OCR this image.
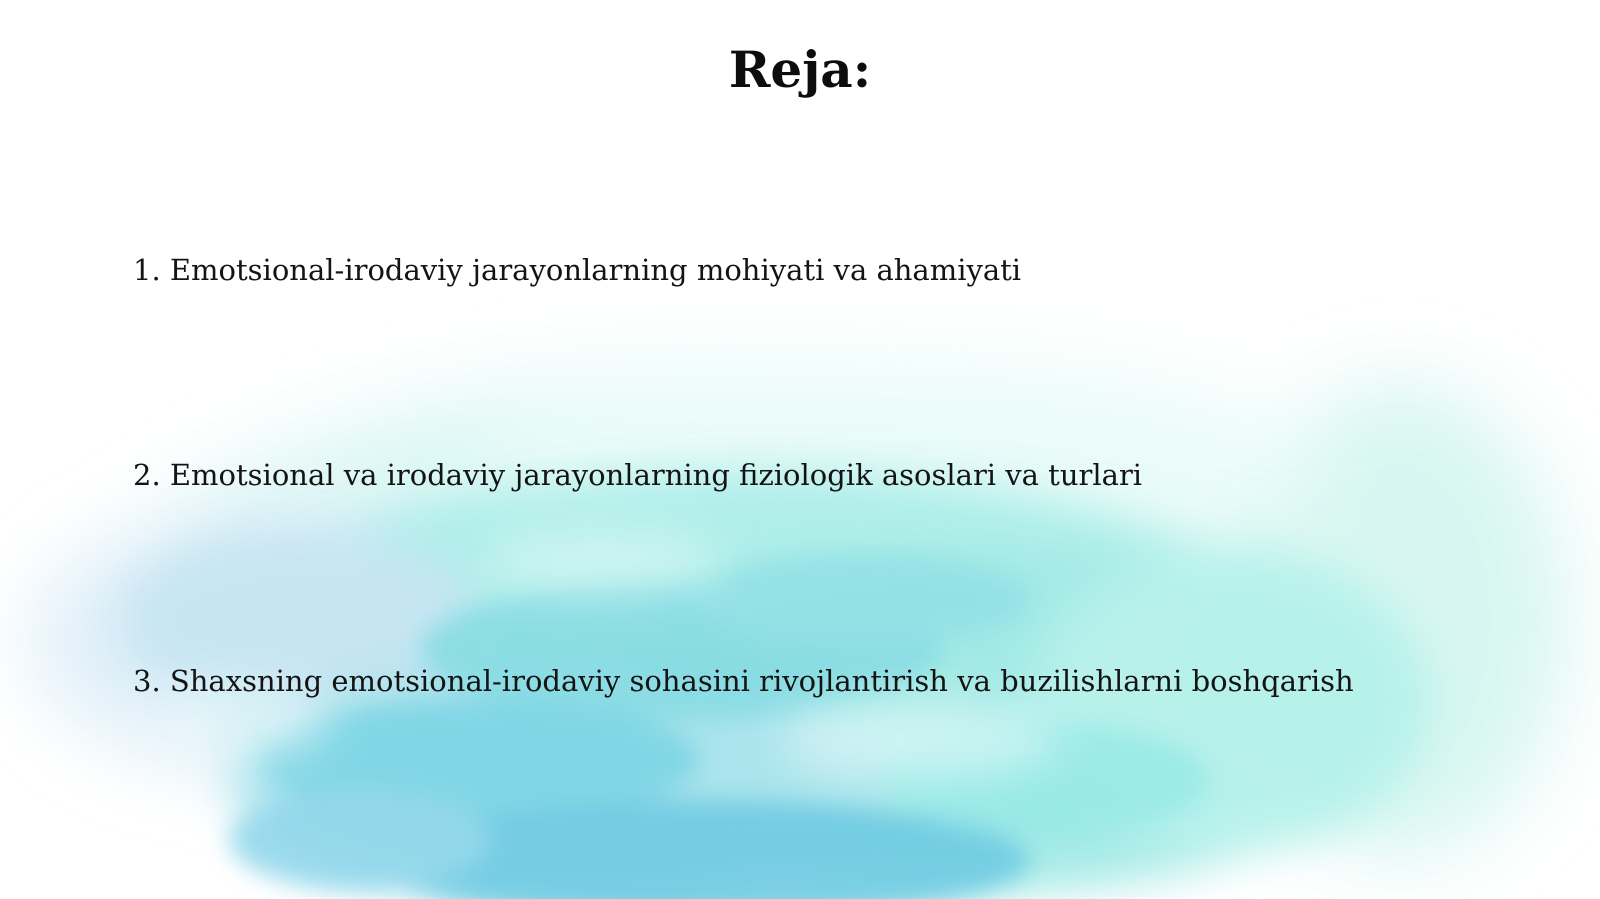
Reja:
1. Emotsional-irodaviy jarayonlarning mohiyati va ahamiyati
2. Emotsional va irodaviy jarayonlarning fiziologik asoslari va turlari
3. Shaxsning emotsional-irodaviy sohasini rivojlantirish va buzilishlarni boshqarish
